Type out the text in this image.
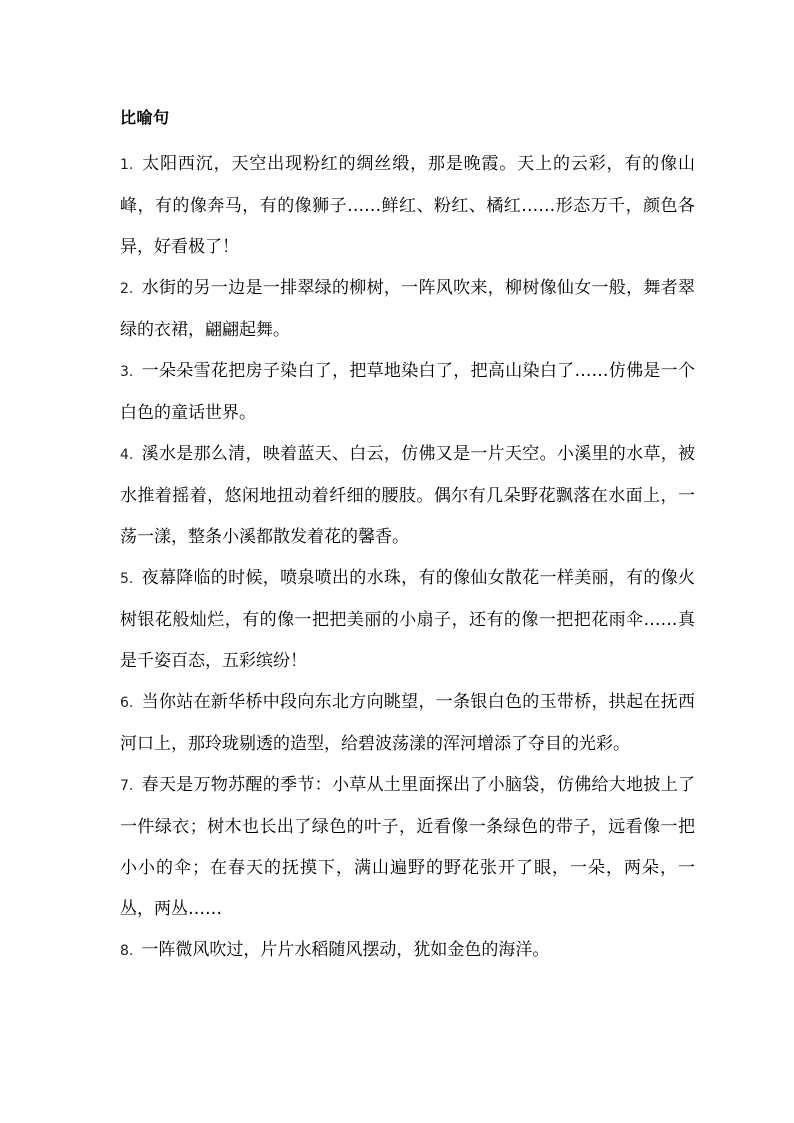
比喻句

1. 太阳西沉，天空出现粉红的绸丝缎，那是晚霞。天上的云彩，有的像山峰，有的像奔马，有的像狮子……鲜红、粉红、橘红……形态万千，颜色各异，好看极了！

2. 水街的另一边是一排翠绿的柳树，一阵风吹来，柳树像仙女一般，舞者翠绿的衣裙，翩翩起舞。

3. 一朵朵雪花把房子染白了，把草地染白了，把高山染白了……仿佛是一个白色的童话世界。

4. 溪水是那么清，映着蓝天、白云，仿佛又是一片天空。小溪里的水草，被水推着摇着，悠闲地扭动着纤细的腰肢。偶尔有几朵野花飘落在水面上，一荡一漾，整条小溪都散发着花的馨香。

5. 夜幕降临的时候，喷泉喷出的水珠，有的像仙女散花一样美丽，有的像火树银花般灿烂，有的像一把把美丽的小扇子，还有的像一把把花雨伞……真是千姿百态，五彩缤纷！

6. 当你站在新华桥中段向东北方向眺望，一条银白色的玉带桥，拱起在抚西河口上，那玲珑剔透的造型，给碧波荡漾的浑河增添了夺目的光彩。

7. 春天是万物苏醒的季节：小草从土里面探出了小脑袋，仿佛给大地披上了一件绿衣；树木也长出了绿色的叶子，近看像一条绿色的带子，远看像一把小小的伞；在春天的抚摸下，满山遍野的野花张开了眼，一朵，两朵，一丛，两丛……

8. 一阵微风吹过，片片水稻随风摆动，犹如金色的海洋。
